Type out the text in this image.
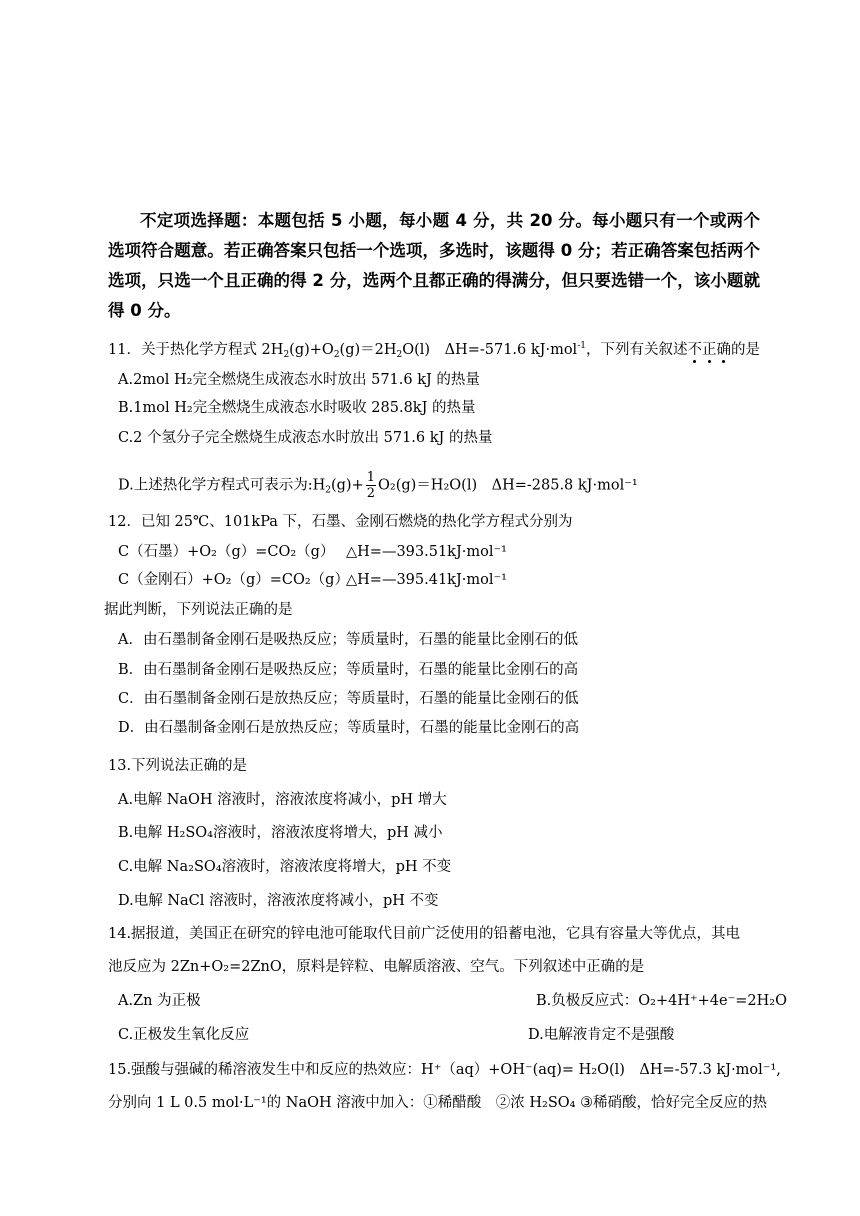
不定项选择题：本题包括 5 小题，每小题 4 分，共 20 分。每小题只有一个或两个选项符合题意。若正确答案只包括一个选项，多选时，该题得 0 分；若正确答案包括两个选项，只选一个且正确的得 2 分，选两个且都正确的得满分，但只要选错一个，该小题就得 0 分。
11．关于热化学方程式 $2H_2(g)+O_2(g)=2H_2O(l)$　ΔH=-571.6 kJ·mol$^{-1}$，下列有关叙述不正确的是
A.2mol H₂完全燃烧生成液态水时放出 571.6 kJ 的热量
B.1mol H₂完全燃烧生成液态水时吸收 285.8kJ 的热量
C.2 个氢分子完全燃烧生成液态水时放出 571.6 kJ 的热量
D.上述热化学方程式可表示为$:H_2(g)+ \frac{1}{2} O_2(g)=H_2O(l)$　ΔH=-285.8 kJ·mol⁻¹
12．已知 25℃、101kPa 下，石墨、金刚石燃烧的热化学方程式分别为
C（石墨）+O₂（g）=CO₂（g） △H=—393.51kJ·mol⁻¹
C（金刚石）+O₂（g）=CO₂（g）
△H=—395.41kJ·mol⁻¹
据此判断，下列说法正确的是
A．由石墨制备金刚石是吸热反应；等质量时，石墨的能量比金刚石的低
B．由石墨制备金刚石是吸热反应；等质量时，石墨的能量比金刚石的高
C．由石墨制备金刚石是放热反应；等质量时，石墨的能量比金刚石的低
D．由石墨制备金刚石是放热反应；等质量时，石墨的能量比金刚石的高
13.下列说法正确的是
A.电解 NaOH 溶液时，溶液浓度将减小，pH 增大
B.电解 H₂SO₄溶液时，溶液浓度将增大，pH 减小
C.电解 Na₂SO₄溶液时，溶液浓度将增大，pH 不变
D.电解 NaCl 溶液时，溶液浓度将减小，pH 不变
14.据报道，美国正在研究的锌电池可能取代目前广泛使用的铅蓄电池，它具有容量大等优点，其电
池反应为 2Zn+O₂=2ZnO，原料是锌粒、电解质溶液、空气。下列叙述中正确的是
A.Zn 为正极	B.负极反应式：O₂+4H⁺+4e⁻=2H₂O
C.正极发生氧化反应	D.电解液肯定不是强酸
15.强酸与强碱的稀溶液发生中和反应的热效应：H⁺（aq）+OH⁻(aq)= H₂O(l)　ΔH=-57.3 kJ·mol⁻¹,
分别向 1 L 0.5 mol·L⁻¹的 NaOH 溶液中加入：①稀醋酸　②浓 H₂SO₄ ③稀硝酸，恰好完全反应的热
